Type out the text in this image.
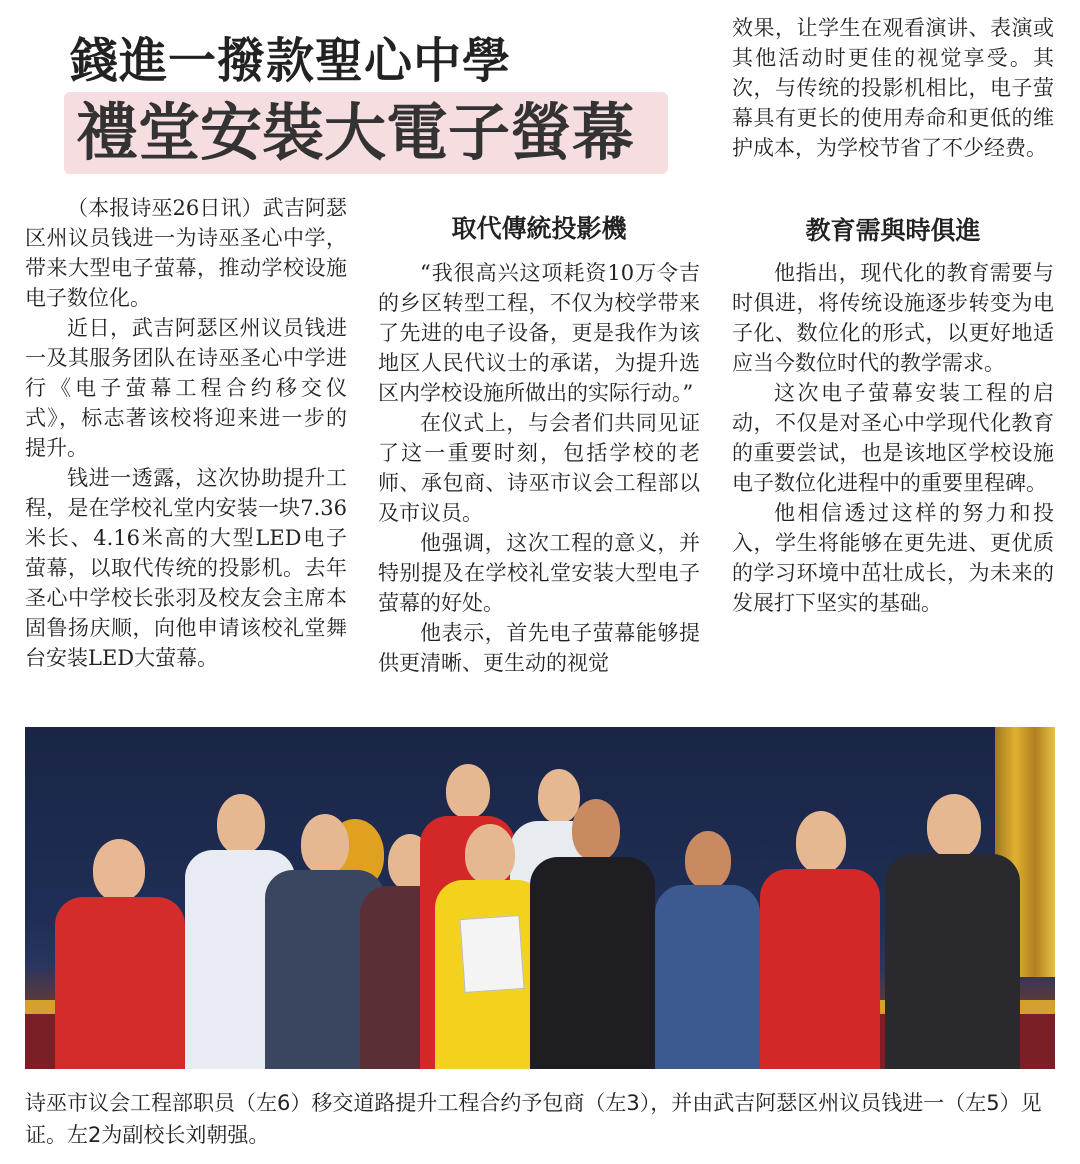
錢進一撥款聖心中學
禮堂安裝大電子螢幕

（本报诗巫26日讯）武吉阿瑟区州议员钱进一为诗巫圣心中学，带来大型电子萤幕，推动学校设施电子数位化。

近日，武吉阿瑟区州议员钱进一及其服务团队在诗巫圣心中学进行《电子萤幕工程合约移交仪式》，标志著该校将迎来进一步的提升。

钱进一透露，这次协助提升工程，是在学校礼堂内安装一块7.36米长、4.16米高的大型LED电子萤幕，以取代传统的投影机。去年圣心中学校长张羽及校友会主席本固鲁扬庆顺，向他申请该校礼堂舞台安装LED大萤幕。

取代傳統投影機

“我很高兴这项耗资10万令吉的乡区转型工程，不仅为校学带来了先进的电子设备，更是我作为该地区人民代议士的承诺，为提升选区内学校设施所做出的实际行动。”

在仪式上，与会者们共同见证了这一重要时刻，包括学校的老师、承包商、诗巫市议会工程部以及市议员。

他强调，这次工程的意义，并特别提及在学校礼堂安装大型电子萤幕的好处。

他表示，首先电子萤幕能够提供更清晰、更生动的视觉

效果，让学生在观看演讲、表演或其他活动时更佳的视觉享受。其次，与传统的投影机相比，电子萤幕具有更长的使用寿命和更低的维护成本，为学校节省了不少经费。

教育需與時俱進

他指出，现代化的教育需要与时俱进，将传统设施逐步转变为电子化、数位化的形式，以更好地适应当今数位时代的教学需求。

这次电子萤幕安装工程的启动，不仅是对圣心中学现代化教育的重要尝试，也是该地区学校设施电子数位化进程中的重要里程碑。

他相信透过这样的努力和投入，学生将能够在更先进、更优质的学习环境中茁壮成长，为未来的发展打下坚实的基础。

诗巫市议会工程部职员（左6）移交道路提升工程合约予包商（左3），并由武吉阿瑟区州议员钱进一（左5）见证。左2为副校长刘朝强。
